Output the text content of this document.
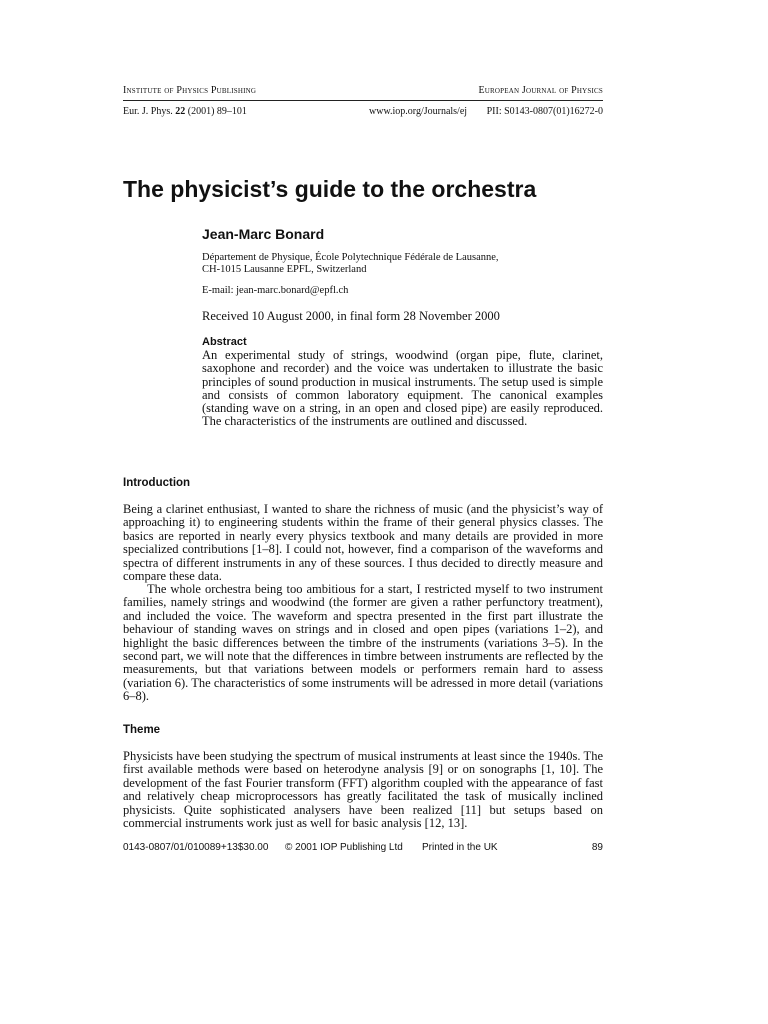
Institute of Physics Publishing	European Journal of Physics
Eur. J. Phys. 22 (2001) 89–101	www.iop.org/Journals/ej PII: S0143-0807(01)16272-0
The physicist’s guide to the orchestra
Jean-Marc Bonard
Département de Physique, École Polytechnique Fédérale de Lausanne,
CH-1015 Lausanne EPFL, Switzerland
E-mail: jean-marc.bonard@epfl.ch
Received 10 August 2000, in final form 28 November 2000
Abstract

An experimental study of strings, woodwind (organ pipe, flute, clarinet, saxophone and recorder) and the voice was undertaken to illustrate the basic principles of sound production in musical instruments. The setup used is simple and consists of common laboratory equipment. The canonical examples (standing wave on a string, in an open and closed pipe) are easily reproduced. The characteristics of the instruments are outlined and discussed.

Introduction

Being a clarinet enthusiast, I wanted to share the richness of music (and the physicist’s way of approaching it) to engineering students within the frame of their general physics classes. The basics are reported in nearly every physics textbook and many details are provided in more specialized contributions [1–8]. I could not, however, find a comparison of the waveforms and spectra of different instruments in any of these sources. I thus decided to directly measure and compare these data.

The whole orchestra being too ambitious for a start, I restricted myself to two instrument families, namely strings and woodwind (the former are given a rather perfunctory treatment), and included the voice. The waveform and spectra presented in the first part illustrate the behaviour of standing waves on strings and in closed and open pipes (variations 1–2), and highlight the basic differences between the timbre of the instruments (variations 3–5). In the second part, we will note that the differences in timbre between instruments are reflected by the measurements, but that variations between models or performers remain hard to assess (variation 6). The characteristics of some instruments will be adressed in more detail (variations 6–8).

Theme

Physicists have been studying the spectrum of musical instruments at least since the 1940s. The first available methods were based on heterodyne analysis [9] or on sonographs [1, 10]. The development of the fast Fourier transform (FFT) algorithm coupled with the appearance of fast and relatively cheap microprocessors has greatly facilitated the task of musically inclined physicists. Quite sophisticated analysers have been realized [11] but setups based on commercial instruments work just as well for basic analysis [12, 13].

0143-0807/01/010089+13$30.00 © 2001 IOP Publishing Ltd Printed in the UK	89
